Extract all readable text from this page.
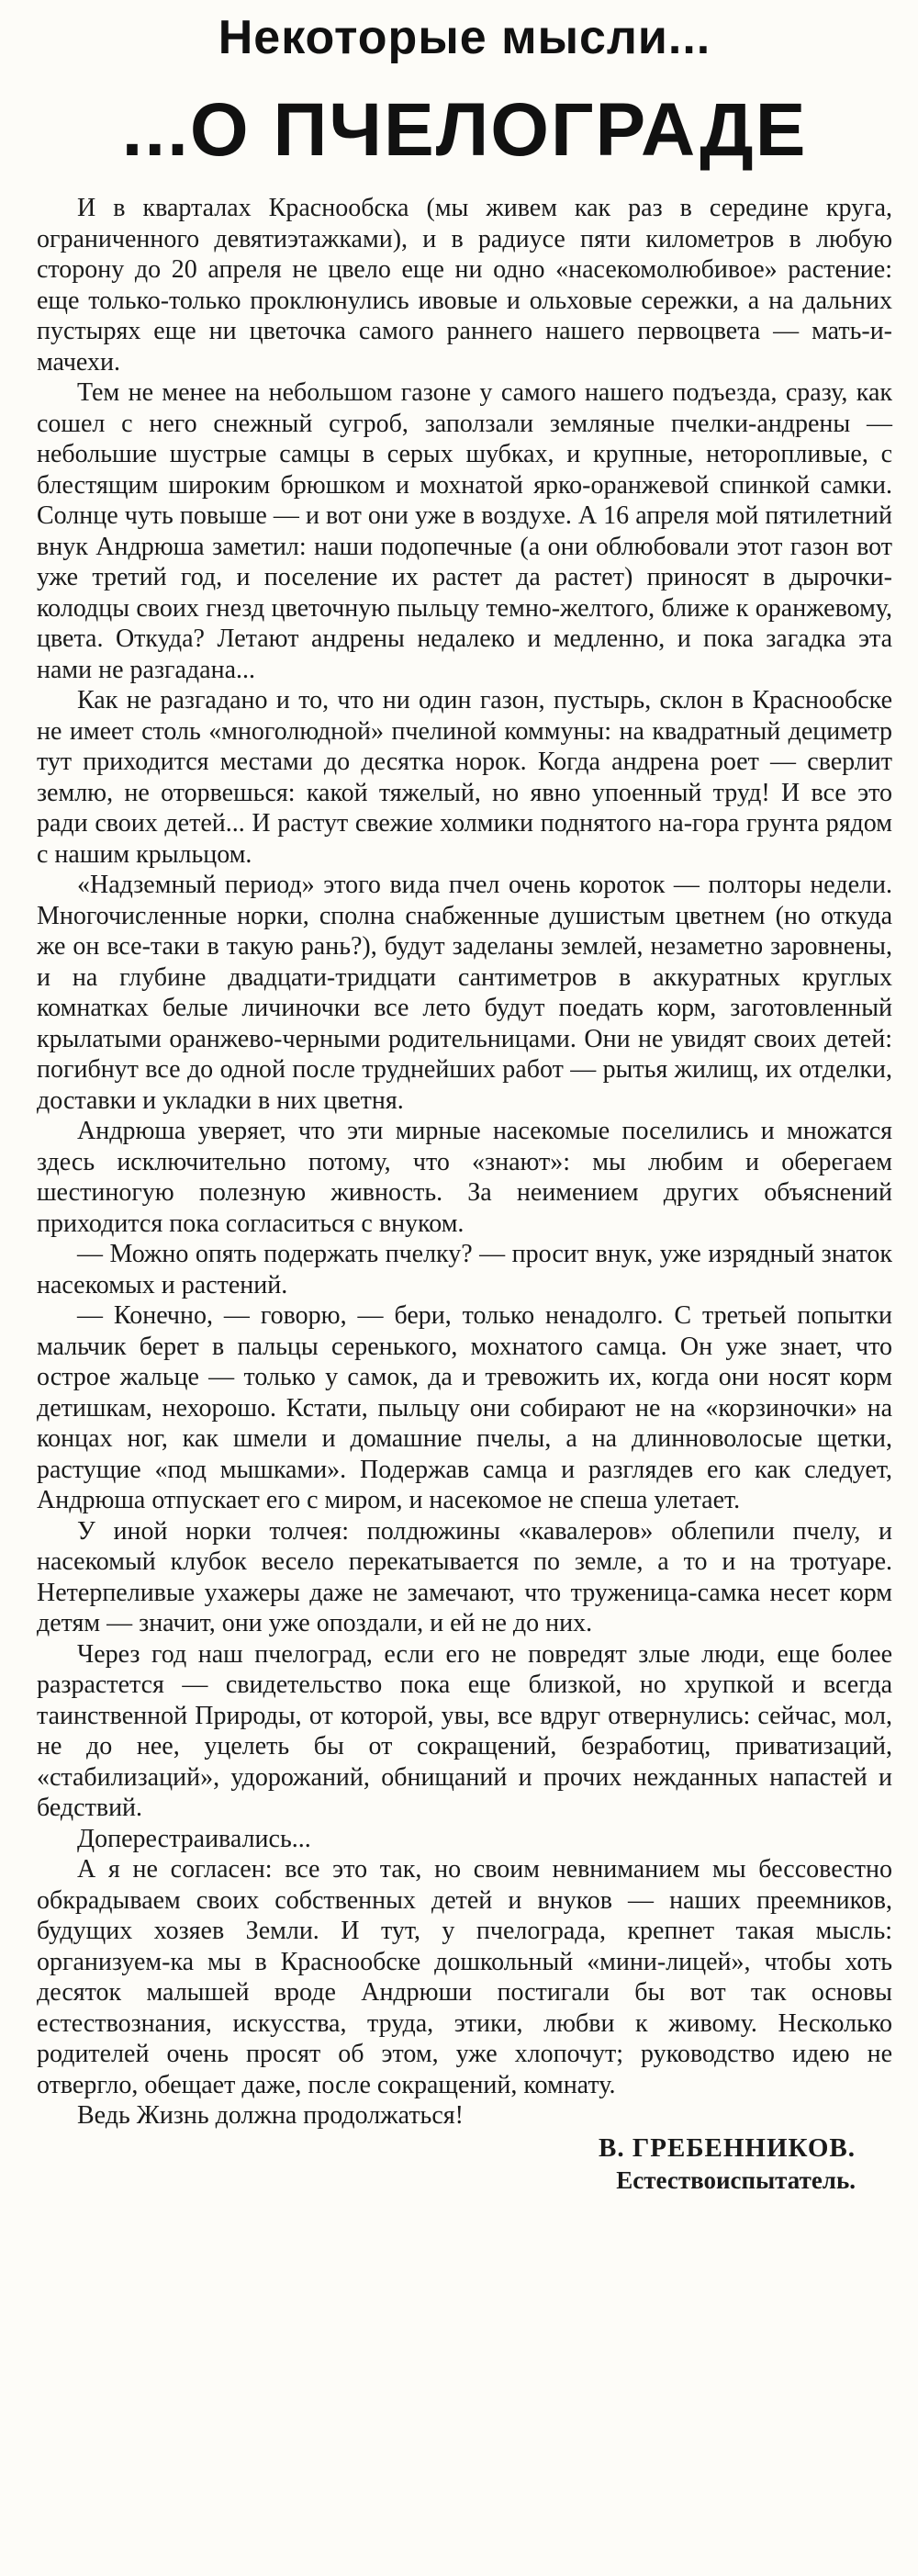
Некоторые мысли...
...О ПЧЕЛОГРАДЕ

И в кварталах Краснообска (мы живем как раз в середине круга, ограниченного девятиэтажками), и в радиусе пяти километров в любую сторону до 20 апреля не цвело еще ни одно «насекомолюбивое» растение: еще только-только проклюнулись ивовые и ольховые сережки, а на дальних пустырях еще ни цветочка самого раннего нашего первоцвета — мать-и-мачехи.

Тем не менее на небольшом газоне у самого нашего подъезда, сразу, как сошел с него снежный сугроб, заползали земляные пчелки-андрены — небольшие шустрые самцы в серых шубках, и крупные, неторопливые, с блестящим широким брюшком и мохнатой ярко-оранжевой спинкой самки. Солнце чуть повыше — и вот они уже в воздухе. А 16 апреля мой пятилетний внук Андрюша заметил: наши подопечные (а они облюбовали этот газон вот уже третий год, и поселение их растет да растет) приносят в дырочки-колодцы своих гнезд цветочную пыльцу темно-желтого, ближе к оранжевому, цвета. Откуда? Летают андрены недалеко и медленно, и пока загадка эта нами не разгадана...

Как не разгадано и то, что ни один газон, пустырь, склон в Краснообске не имеет столь «многолюдной» пчелиной коммуны: на квадратный дециметр тут приходится местами до десятка норок. Когда андрена роет — сверлит землю, не оторвешься: какой тяжелый, но явно упоенный труд! И все это ради своих детей... И растут свежие холмики поднятого на-гора грунта рядом с нашим крыльцом.

«Надземный период» этого вида пчел очень короток — полторы недели. Многочисленные норки, сполна снабженные душистым цветнем (но откуда же он все-таки в такую рань?), будут заделаны землей, незаметно заровнены, и на глубине двадцати-тридцати сантиметров в аккуратных круглых комнатках белые личиночки все лето будут поедать корм, заготовленный крылатыми оранжево-черными родительницами. Они не увидят своих детей: погибнут все до одной после труднейших работ — рытья жилищ, их отделки, доставки и укладки в них цветня.

Андрюша уверяет, что эти мирные насекомые поселились и множатся здесь исключительно потому, что «знают»: мы любим и оберегаем шестиногую полезную живность. За неимением других объяснений приходится пока согласиться с внуком.

— Можно опять подержать пчелку? — просит внук, уже изрядный знаток насекомых и растений.

— Конечно, — говорю, — бери, только ненадолго. С третьей попытки мальчик берет в пальцы серенького, мохнатого самца. Он уже знает, что острое жальце — только у самок, да и тревожить их, когда они носят корм детишкам, нехорошо. Кстати, пыльцу они собирают не на «корзиночки» на концах ног, как шмели и домашние пчелы, а на длинноволосые щетки, растущие «под мышками». Подержав самца и разглядев его как следует, Андрюша отпускает его с миром, и насекомое не спеша улетает.

У иной норки толчея: полдюжины «кавалеров» облепили пчелу, и насекомый клубок весело перекатывается по земле, а то и на тротуаре. Нетерпеливые ухажеры даже не замечают, что труженица-самка несет корм детям — значит, они уже опоздали, и ей не до них.

Через год наш пчелоград, если его не повредят злые люди, еще более разрастется — свидетельство пока еще близкой, но хрупкой и всегда таинственной Природы, от которой, увы, все вдруг отвернулись: сейчас, мол, не до нее, уцелеть бы от сокращений, безработиц, приватизаций, «стабилизаций», удорожаний, обнищаний и прочих нежданных напастей и бедствий.

Доперестраивались...

А я не согласен: все это так, но своим невниманием мы бессовестно обкрадываем своих собственных детей и внуков — наших преемников, будущих хозяев Земли. И тут, у пчелограда, крепнет такая мысль: организуем-ка мы в Краснообске дошкольный «мини-лицей», чтобы хоть десяток малышей вроде Андрюши постигали бы вот так основы естествознания, искусства, труда, этики, любви к живому. Несколько родителей очень просят об этом, уже хлопочут; руководство идею не отвергло, обещает даже, после сокращений, комнату.

Ведь Жизнь должна продолжаться!

В. ГРЕБЕННИКОВ.
Естествоиспытатель.
